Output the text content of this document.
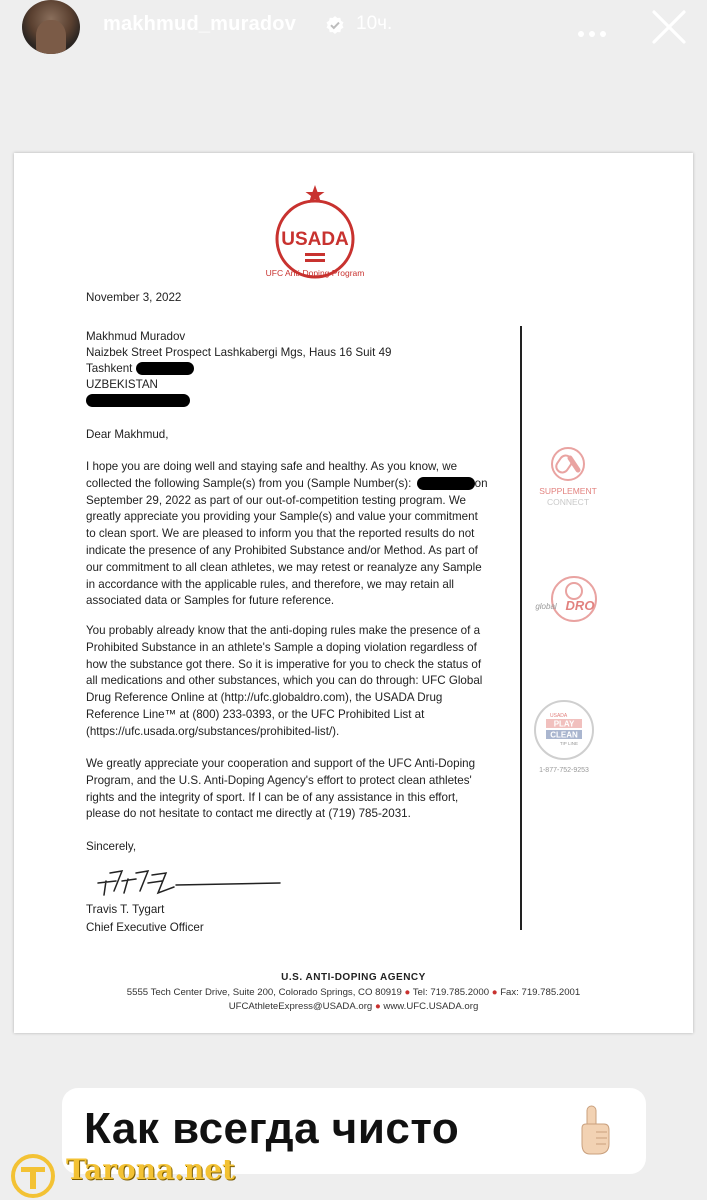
makhmud_muradov	10ч.
USADA
UFC Anti-Doping Program
November 3, 2022
Makhmud Muradov
Naizbek Street Prospect Lashkabergi Mgs, Haus 16 Suit 49
Tashkent
UZBEKISTAN
Dear Makhmud,
I hope you are doing well and staying safe and healthy. As you know, we
collected the following Sample(s) from you (Sample Number(s):	on
September 29, 2022 as part of our out-of-competition testing program. We
greatly appreciate you providing your Sample(s) and value your commitment
to clean sport. We are pleased to inform you that the reported results do not
indicate the presence of any Prohibited Substance and/or Method. As part of
our commitment to all clean athletes, we may retest or reanalyze any Sample
in accordance with the applicable rules, and therefore, we may retain all
associated data or Samples for future reference.
You probably already know that the anti-doping rules make the presence of a
Prohibited Substance in an athlete's Sample a doping violation regardless of
how the substance got there. So it is imperative for you to check the status of
all medications and other substances, which you can do through: UFC Global
Drug Reference Online at (http://ufc.globaldro.com), the USADA Drug
Reference Line™ at (800) 233-0393, or the UFC Prohibited List at
(https://ufc.usada.org/substances/prohibited-list/).
We greatly appreciate your cooperation and support of the UFC Anti-Doping
Program, and the U.S. Anti-Doping Agency's effort to protect clean athletes'
rights and the integrity of sport. If I can be of any assistance in this effort,
please do not hesitate to contact me directly at (719) 785-2031.
Sincerely,
Travis T. Tygart
Chief Executive Officer
SUPPLEMENT
CONNECT
global DRO
USADA
PLAY
CLEAN
TIP LINE
1-877-752-9253
U.S. ANTI-DOPING AGENCY
5555 Tech Center Drive, Suite 200, Colorado Springs, CO 80919 ● Tel: 719.785.2000 ● Fax: 719.785.2001
UFCAthleteExpress@USADA.org ● www.UFC.USADA.org
Как всегда чисто
Tarona.net
